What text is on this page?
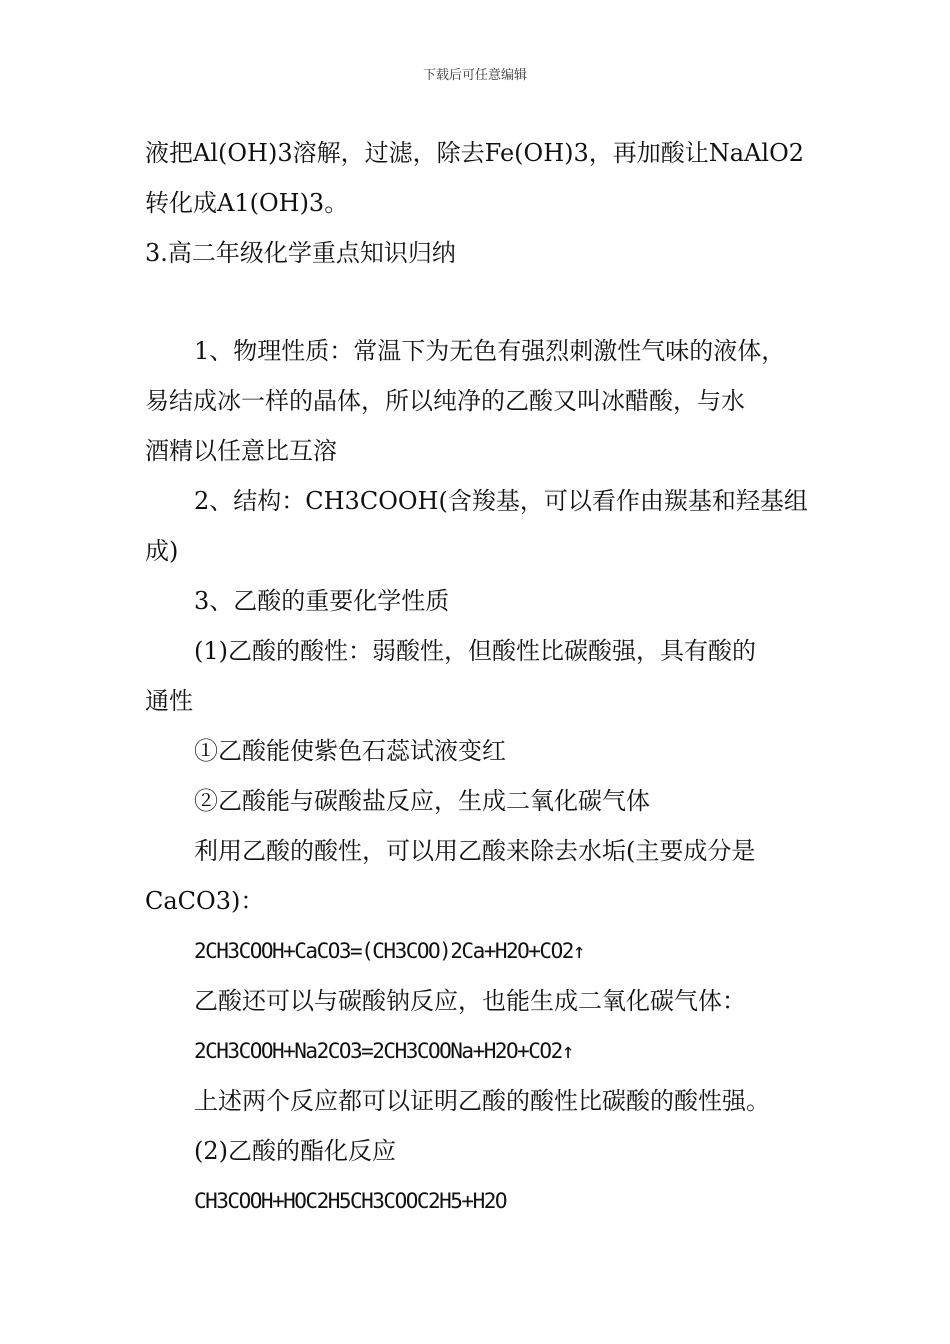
下载后可任意编辑
液把Al(OH)3溶解，过滤，除去Fe(OH)3，再加酸让NaAlO2
转化成A1(OH)3。
3.高二年级化学重点知识归纳
1、物理性质：常温下为无色有强烈刺激性气味的液体，
易结成冰一样的晶体，所以纯净的乙酸又叫冰醋酸，与水
酒精以任意比互溶
2、结构：CH3COOH(含羧基，可以看作由羰基和羟基组
成)
3、乙酸的重要化学性质
(1)乙酸的酸性：弱酸性，但酸性比碳酸强，具有酸的
通性
①乙酸能使紫色石蕊试液变红
②乙酸能与碳酸盐反应，生成二氧化碳气体
利用乙酸的酸性，可以用乙酸来除去水垢(主要成分是
CaCO3)：
2CH3COOH+CaCO3=(CH3COO)2Ca+H2O+CO2↑
乙酸还可以与碳酸钠反应，也能生成二氧化碳气体：
2CH3COOH+Na2CO3=2CH3COONa+H2O+CO2↑
上述两个反应都可以证明乙酸的酸性比碳酸的酸性强。
(2)乙酸的酯化反应
CH3COOH+HOC2H5CH3COOC2H5+H2O
